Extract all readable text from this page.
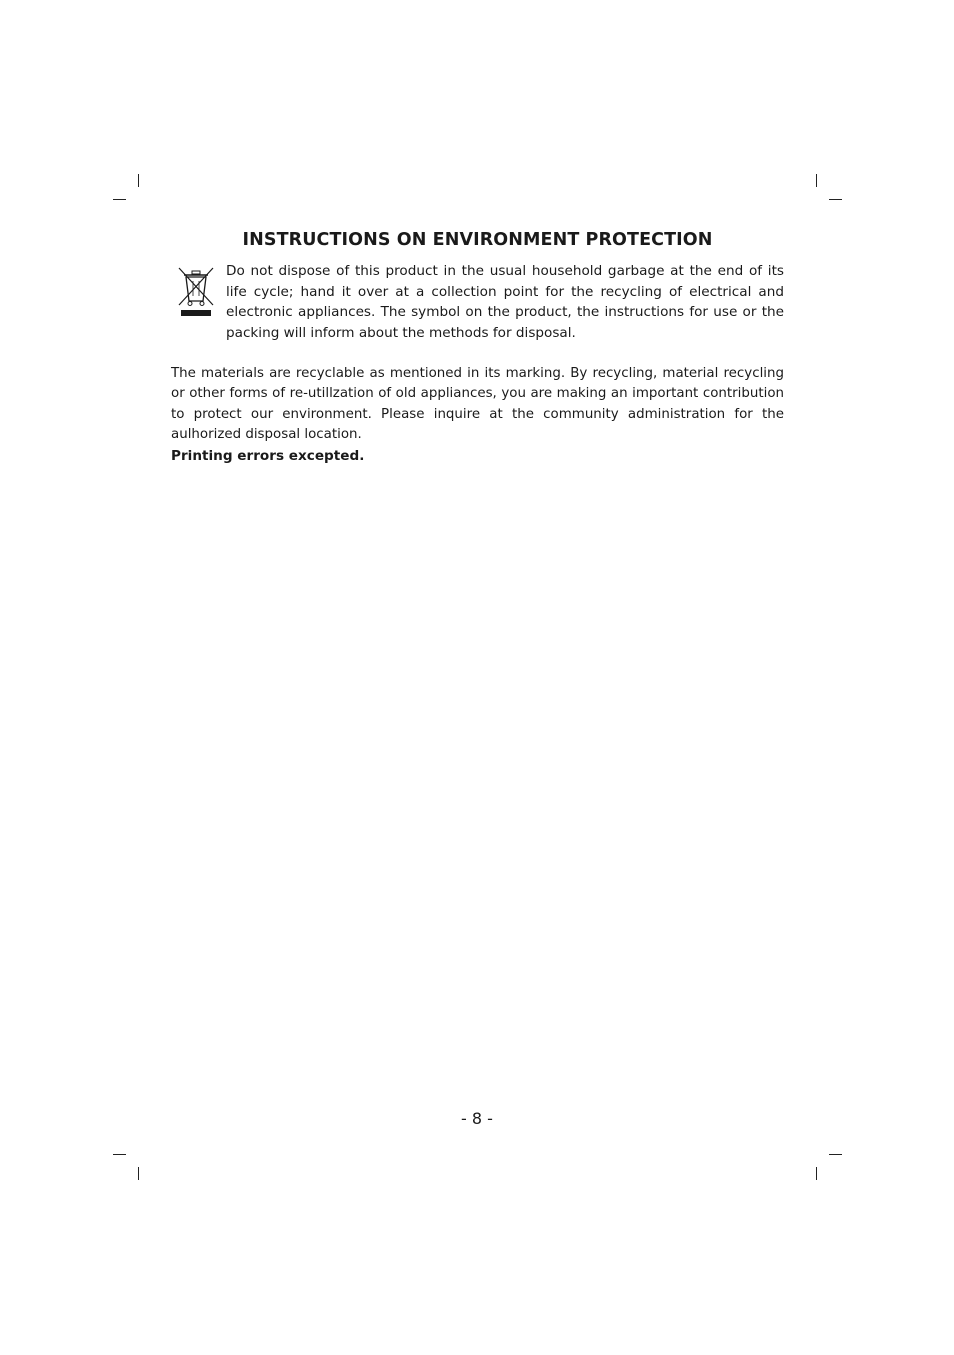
INSTRUCTIONS ON ENVIRONMENT PROTECTION

Do not dispose of this product in the usual household garbage at the end of its life cycle; hand it over at a collection point for the recycling of electrical and electronic appliances. The symbol on the product, the instructions for use or the packing will inform about the methods for disposal.

The materials are recyclable as mentioned in its marking. By recycling, material recycling or other forms of re-utillzation of old appliances, you are making an important contribution to protect our environment. Please inquire at the community administration for the aulhorized disposal location.

Printing errors excepted.

- 8 -
